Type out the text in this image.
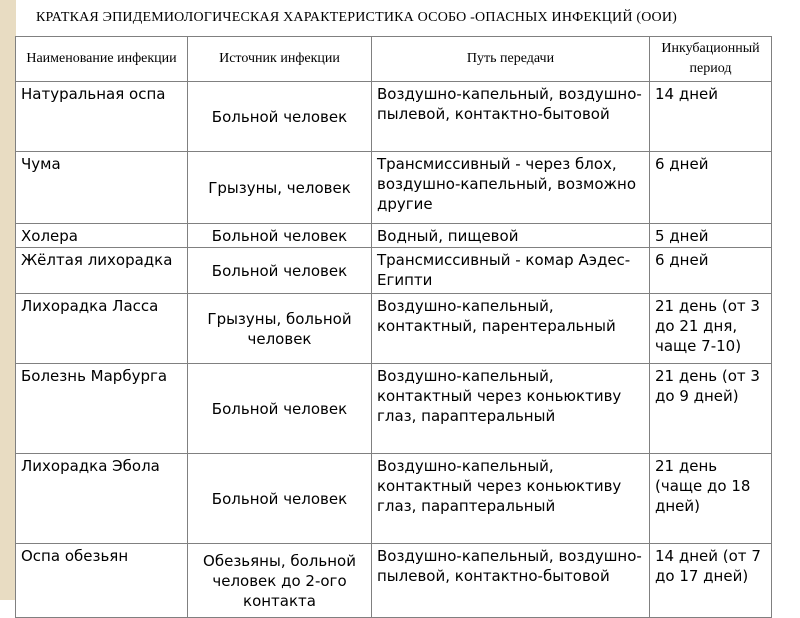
КРАТКАЯ ЭПИДЕМИОЛОГИЧЕСКАЯ ХАРАКТЕРИСТИКА ОСОБО -ОПАСНЫХ ИНФЕКЦИЙ (ООИ)
Наименование инфекции	Источник инфекции	Путь передачи	Инкубационный период
Натуральная оспа	Больной человек	Воздушно-капельный, воздушно-пылевой, контактно-бытовой	14 дней
Чума	Грызуны, человек	Трансмиссивный - через блох, воздушно-капельный, возможно другие	6 дней
Холера	Больной человек	Водный, пищевой	5 дней
Жёлтая лихорадка	Больной человек	Трансмиссивный - комар Аэдес-Египти	6 дней
Лихорадка Ласса	Грызуны, больной человек	Воздушно-капельный, контактный, парентеральный	21 день (от 3 до 21 дня, чаще 7-10)
Болезнь Марбурга	Больной человек	Воздушно-капельный, контактный через коньюктиву глаз, парaптеральный	21 день (от 3 до 9 дней)
Лихорадка Эбола	Больной человек	Воздушно-капельный, контактный через коньюктиву глаз, парaптеральный	21 день (чаще до 18 дней)
Оспа обезьян	Обезьяны, больной человек до 2-ого контакта	Воздушно-капельный, воздушно-пылевой, контактно-бытовой	14 дней (от 7 до 17 дней)
